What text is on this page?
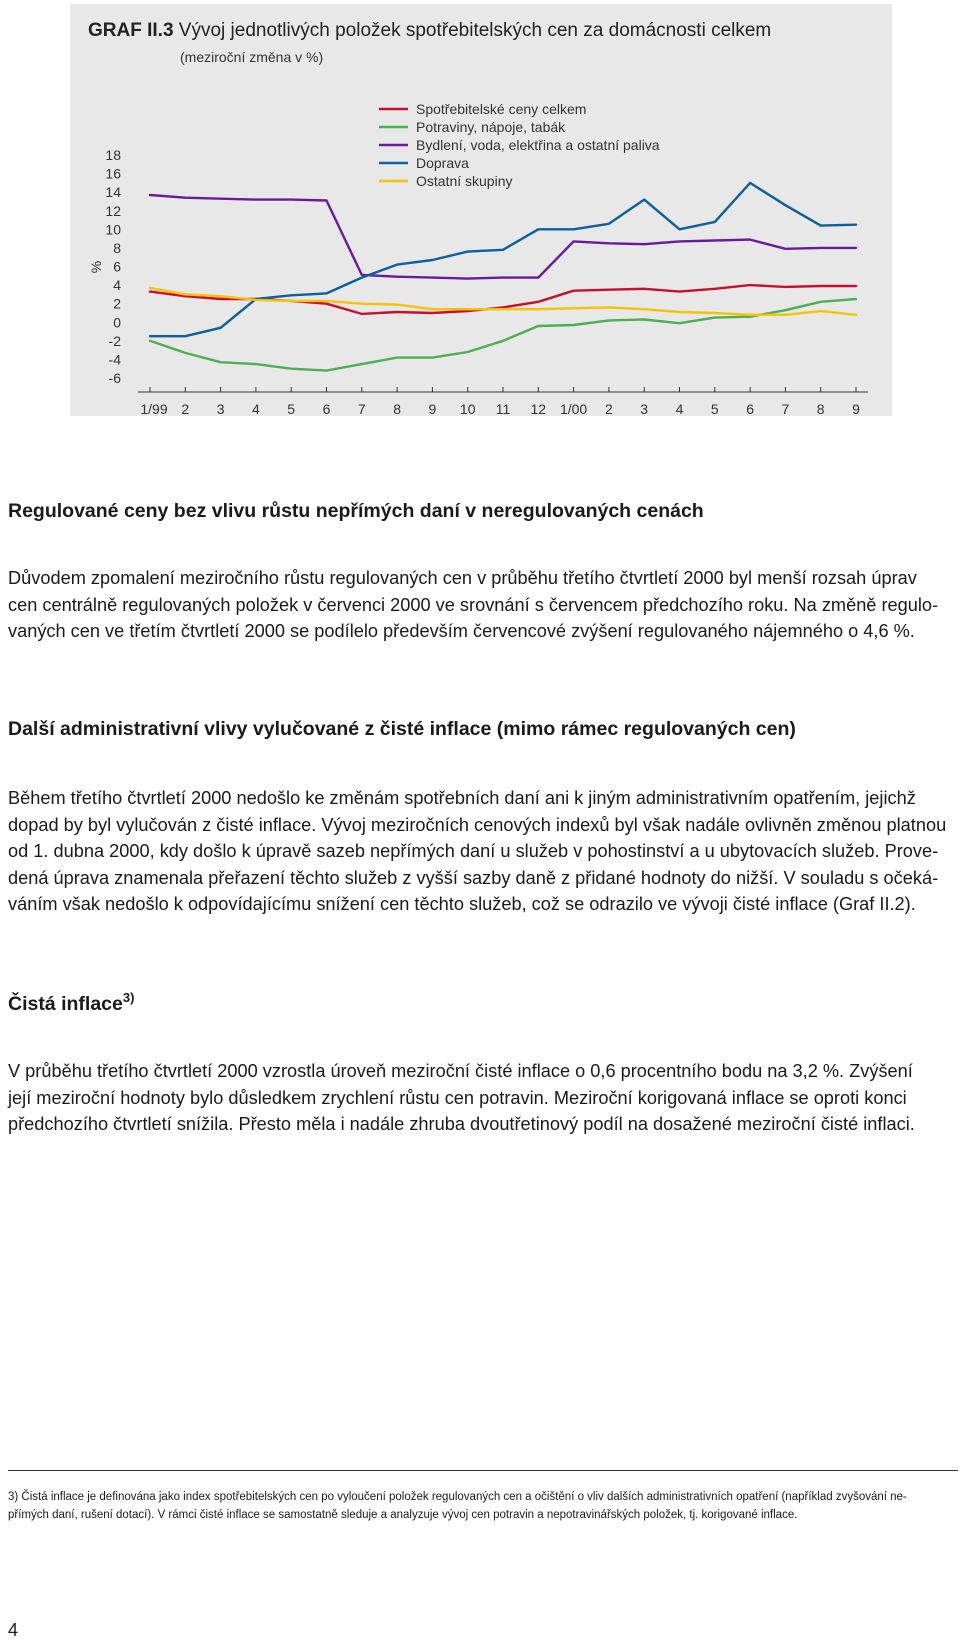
GRAF II.3 Vývoj jednotlivých položek spotřebitelských cen za domácnosti celkem
(meziroční změna v %)
%
18
16
14
12
10
8
6
4
2
0
-2
-4
-6
1/99 2 3 4 5 6 7 8 9 10 11 12 1/00 2 3 4 5 6 7 8 9
Spotřebitelské ceny celkem
Potraviny, nápoje, tabák
Bydlení, voda, elektřina a ostatní paliva
Doprava
Ostatní skupiny
Regulované ceny bez vlivu růstu nepřímých daní v neregulovaných cenách
Důvodem zpomalení meziročního růstu regulovaných cen v průběhu třetího čtvrtletí 2000 byl menší rozsah úprav
cen centrálně regulovaných položek v červenci 2000 ve srovnání s červencem předchozího roku. Na změně regulo-
vaných cen ve třetím čtvrtletí 2000 se podílelo především červencové zvýšení regulovaného nájemného o 4,6 %.
Další administrativní vlivy vylučované z čisté inflace (mimo rámec regulovaných cen)
Během třetího čtvrtletí 2000 nedošlo ke změnám spotřebních daní ani k jiným administrativním opatřením, jejichž
dopad by byl vylučován z čisté inflace. Vývoj meziročních cenových indexů byl však nadále ovlivněn změnou platnou
od 1. dubna 2000, kdy došlo k úpravě sazeb nepřímých daní u služeb v pohostinství a u ubytovacích služeb. Prove-
dená úprava znamenala přeřazení těchto služeb z vyšší sazby daně z přidané hodnoty do nižší. V souladu s očeká-
váním však nedošlo k odpovídajícímu snížení cen těchto služeb, což se odrazilo ve vývoji čisté inflace (Graf II.2).
Čistá inflace$^{3)}$
V průběhu třetího čtvrtletí 2000 vzrostla úroveň meziroční čisté inflace o 0,6 procentního bodu na 3,2 %. Zvýšení
její meziroční hodnoty bylo důsledkem zrychlení růstu cen potravin. Meziroční korigovaná inflace se oproti konci
předchozího čtvrtletí snížila. Přesto měla i nadále zhruba dvoutřetinový podíl na dosažené meziroční čisté inflaci.
3) Čistá inflace je definována jako index spotřebitelských cen po vyloučení položek regulovaných cen a očištění o vliv dalších administrativních opatření (například zvyšování ne-
přímých daní, rušení dotací). V rámci čisté inflace se samostatně sleduje a analyzuje vývoj cen potravin a nepotravinářských položek, tj. korigované inflace.
4
